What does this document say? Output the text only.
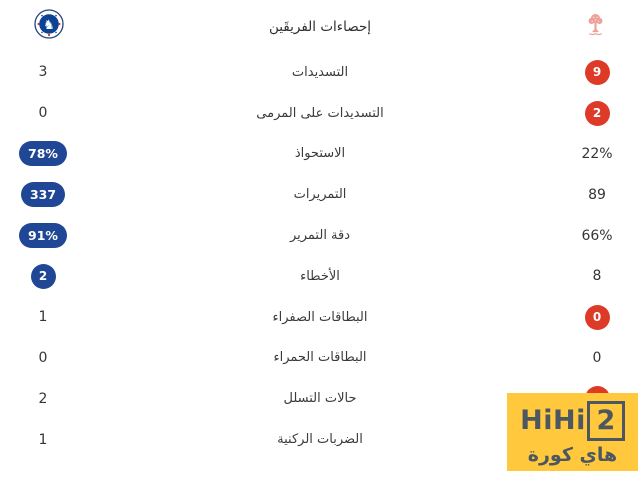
♞	إحصاءات الفريقَين
3	التسديدات	9
0	التسديدات على المرمى	2
78%	الاستحواذ	22%
337	التمريرات	89
91%	دقة التمرير	66%
2	الأخطاء	8
1	البطاقات الصفراء	0
0	البطاقات الحمراء	0
2	حالات التسلل
1	الضربات الركنية
HiHi 2
هاي كورة
